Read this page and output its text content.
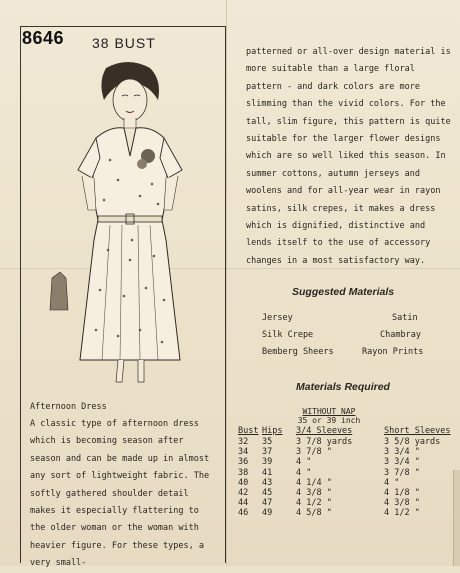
8646 38 BUST
Afternoon Dress

A classic type of afternoon dress which is becoming season after season and can be made up in almost any sort of lightweight fabric. The softly gathered shoulder detail makes it especially flattering to the older woman or the woman with heavier figure. For these types, a very small-

patterned or all-over design material is more suitable than a large floral pattern - and dark colors are more slimming than the vivid colors. For the tall, slim figure, this pattern is quite suitable for the larger flower designs which are so well liked this season. In summer cottons, autumn jerseys and woolens and for all-year wear in rayon satins, silk crepes, it makes a dress which is dignified, distinctive and lends itself to the use of accessory changes in a most satisfactory way.

Suggested Materials
Jersey	Satin
Silk Crepe	Chambray
Bemberg Sheers	Rayon Prints
Materials Required
WITHOUT NAP
35 or 39 inch
Bust Hips 3/4 Sleeves	Short Sleeves
32 35	3 7/8 yards	3 5/8 yards
34 37	3 7/8 "	3 3/4 "
36 39	4 "	3 3/4 "
38 41	4 "	3 7/8 "
40 43	4 1/4 "	4 "
42 45	4 3/8 "	4 1/8 "
44 47	4 1/2 "	4 3/8 "
46 49	4 5/8 "	4 1/2 "
